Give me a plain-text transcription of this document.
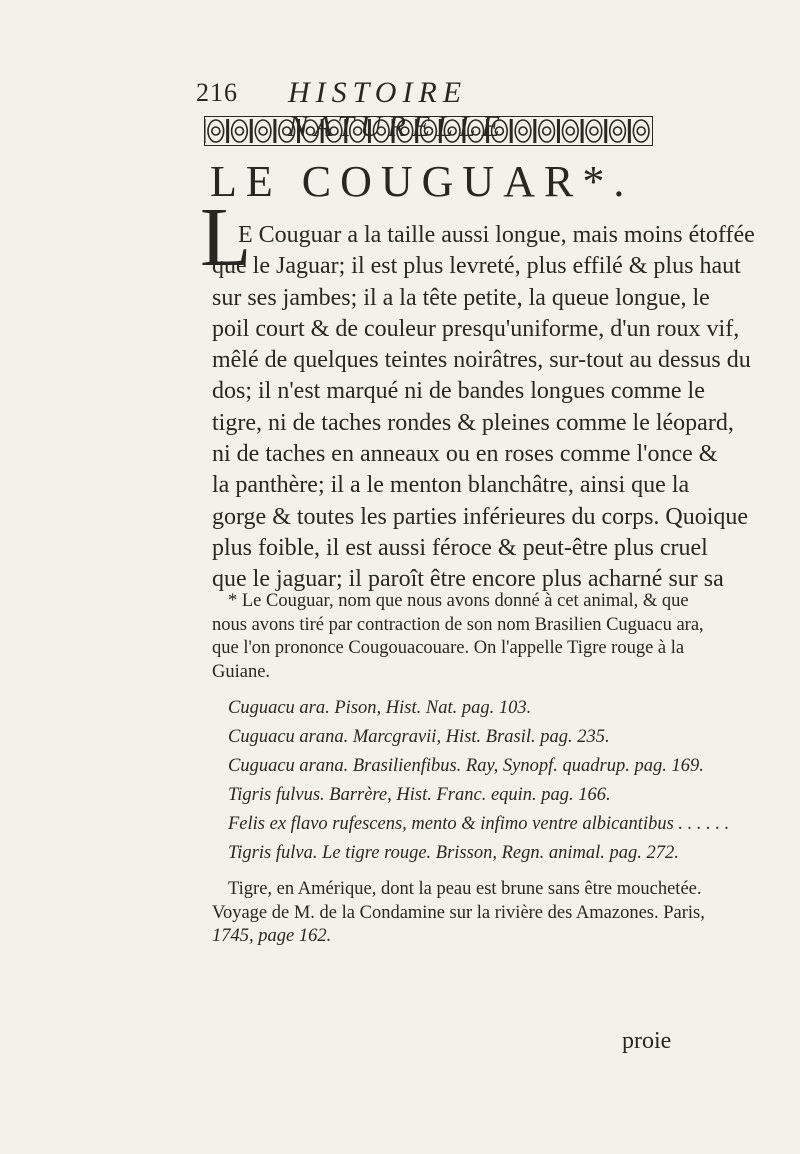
216 HISTOIRE NATURELLE
LE COUGUAR*.
L
E Couguar a la taille aussi longue, mais moins étoffée
que le Jaguar; il est plus levreté, plus effilé & plus haut
sur ses jambes; il a la tête petite, la queue longue, le
poil court & de couleur presqu'uniforme, d'un roux vif,
mêlé de quelques teintes noirâtres, sur-tout au dessus du
dos; il n'est marqué ni de bandes longues comme le
tigre, ni de taches rondes & pleines comme le léopard,
ni de taches en anneaux ou en roses comme l'once &
la panthère; il a le menton blanchâtre, ainsi que la
gorge & toutes les parties inférieures du corps. Quoique
plus foible, il est aussi féroce & peut-être plus cruel
que le jaguar; il paroît être encore plus acharné sur sa
* Le Couguar, nom que nous avons donné à cet animal, & que
nous avons tiré par contraction de son nom Brasilien Cuguacu ara,
que l'on prononce Cougouacouare. On l'appelle Tigre rouge à la
Guiane.
Cuguacu ara. Pison, Hist. Nat. pag. 103.
Cuguacu arana. Marcgravii, Hist. Brasil. pag. 235.
Cuguacu arana. Brasilienfibus. Ray, Synopf. quadrup. pag. 169.
Tigris fulvus. Barrère, Hist. Franc. equin. pag. 166.
Felis ex flavo rufescens, mento & infimo ventre albicantibus . . . . . .
Tigris fulva. Le tigre rouge. Brisson, Regn. animal. pag. 272.
Tigre, en Amérique, dont la peau est brune sans être mouchetée.
Voyage de M. de la Condamine sur la rivière des Amazones. Paris,
1745, page 162.
proie
